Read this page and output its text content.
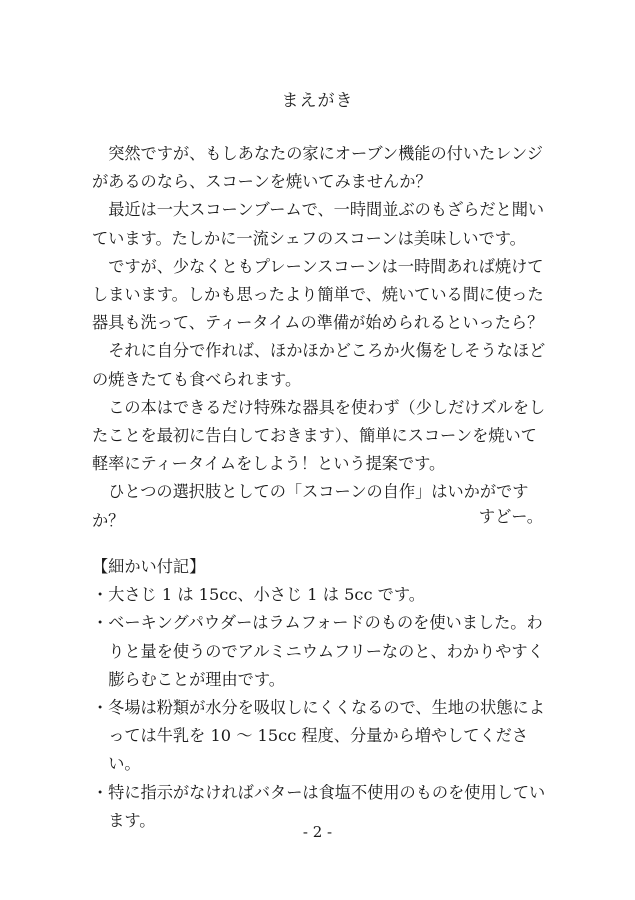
まえがき

突然ですが、もしあなたの家にオーブン機能の付いたレンジがあるのなら、スコーンを焼いてみませんか？

最近は一大スコーンブームで、一時間並ぶのもざらだと聞いています。たしかに一流シェフのスコーンは美味しいです。

ですが、少なくともプレーンスコーンは一時間あれば焼けてしまいます。しかも思ったより簡単で、焼いている間に使った器具も洗って、ティータイムの準備が始められるといったら？

それに自分で作れば、ほかほかどころか火傷をしそうなほどの焼きたても食べられます。

この本はできるだけ特殊な器具を使わず（少しだけズルをしたことを最初に告白しておきます）、簡単にスコーンを焼いて軽率にティータイムをしよう！という提案です。

ひとつの選択肢としての「スコーンの自作」はいかがですか？	すどー。

【細かい付記】

・大さじ 1 は 15cc、小さじ 1 は 5cc です。

・ベーキングパウダーはラムフォードのものを使いました。わりと量を使うのでアルミニウムフリーなのと、わかりやすく膨らむことが理由です。

・冬場は粉類が水分を吸収しにくくなるので、生地の状態によっては牛乳を 10 〜 15cc 程度、分量から増やしてください。

・特に指示がなければバターは食塩不使用のものを使用しています。

- 2 -
